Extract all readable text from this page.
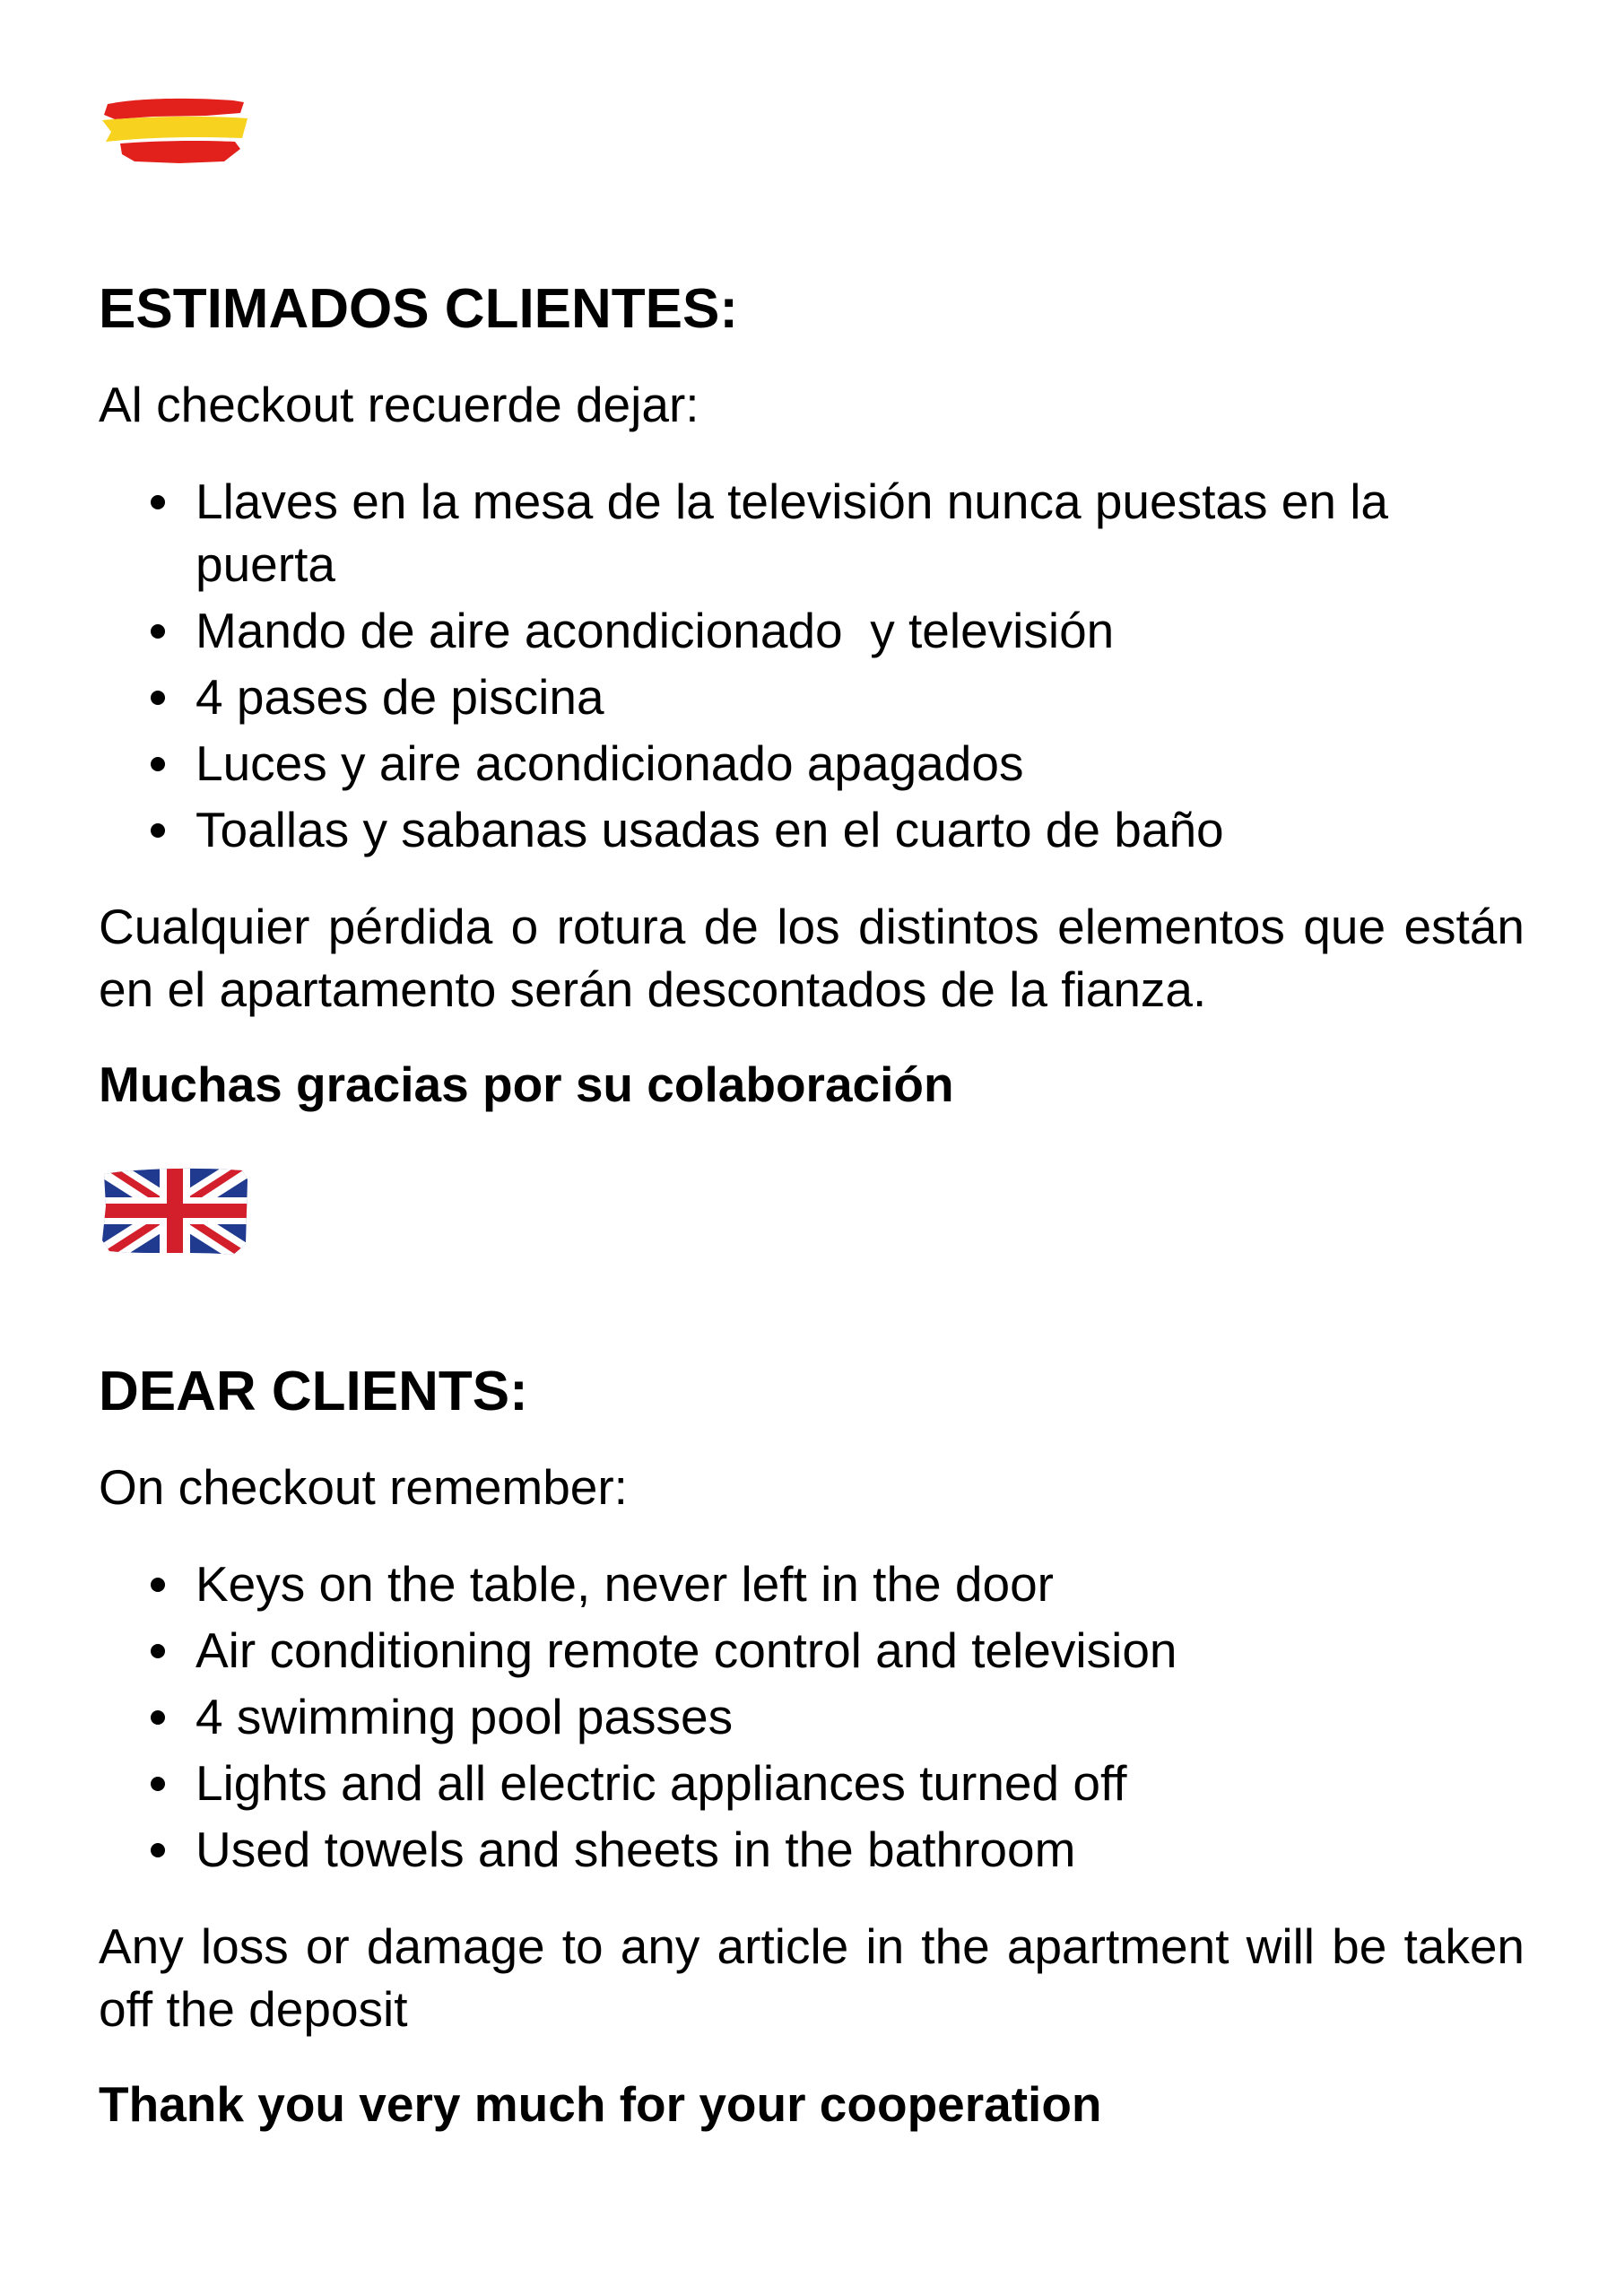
ESTIMADOS CLIENTES:

Al checkout recuerde dejar:

Llaves en la mesa de la televisión nunca puestas en la puerta
Mando de aire acondicionado  y televisión
4 pases de piscina
Luces y aire acondicionado apagados
Toallas y sabanas usadas en el cuarto de baño

Cualquier pérdida o rotura de los distintos elementos que están en el apartamento serán descontados de la fianza.

Muchas gracias por su colaboración

DEAR CLIENTS:

On checkout remember:

Keys on the table, never left in the door
Air conditioning remote control and television
4 swimming pool passes
Lights and all electric appliances turned off
Used towels and sheets in the bathroom

Any loss or damage to any article in the apartment will be taken off the deposit

Thank you very much for your cooperation
